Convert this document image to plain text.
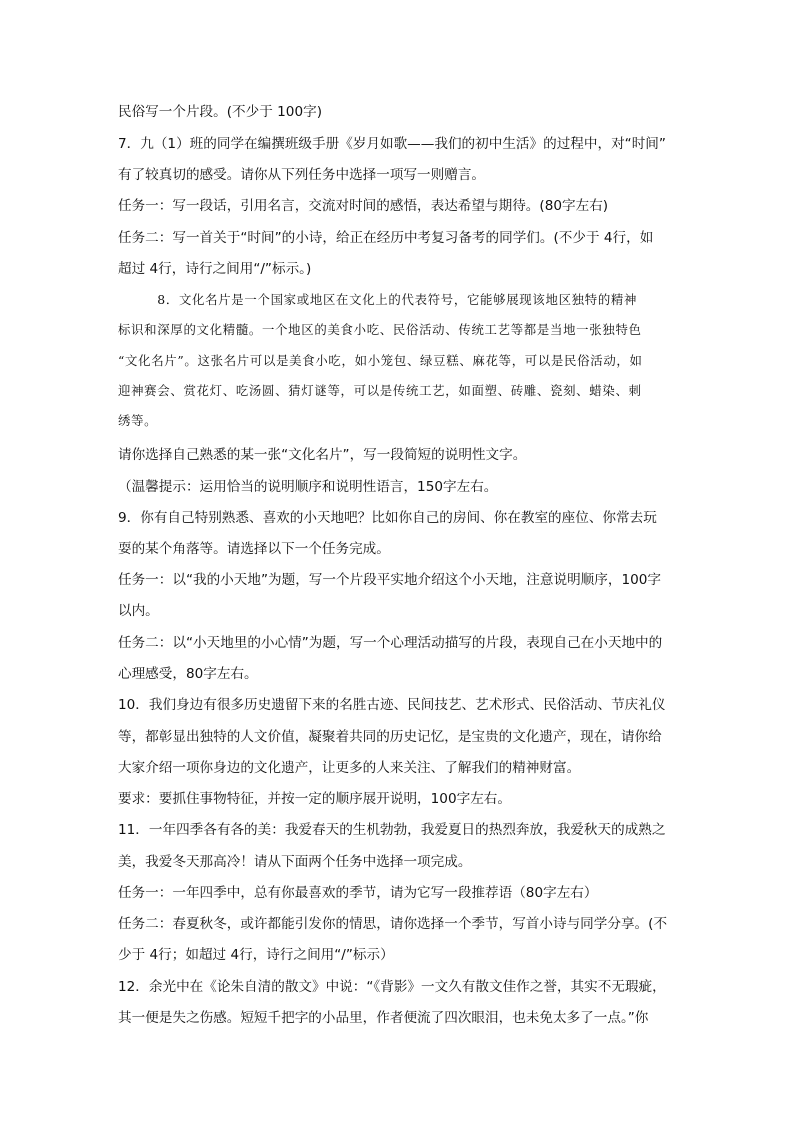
民俗写一个片段。(不少于 100字)
7．九（1）班的同学在编撰班级手册《岁月如歌——我们的初中生活》的过程中，对“时间”
有了较真切的感受。请你从下列任务中选择一项写一则赠言。
任务一：写一段话，引用名言，交流对时间的感悟，表达希望与期待。(80字左右)
任务二：写一首关于“时间”的小诗，给正在经历中考复习备考的同学们。(不少于 4行，如
超过 4行，诗行之间用“/”标示。)
　　　8．文化名片是一个国家或地区在文化上的代表符号，它能够展现该地区独特的精神
标识和深厚的文化精髓。一个地区的美食小吃、民俗活动、传统工艺等都是当地一张独特色
“文化名片”。这张名片可以是美食小吃，如小笼包、绿豆糕、麻花等，可以是民俗活动，如
迎神赛会、赏花灯、吃汤圆、猜灯谜等，可以是传统工艺，如面塑、砖雕、瓷刻、蜡染、刺
绣等。
请你选择自己熟悉的某一张“文化名片”，写一段简短的说明性文字。
（温馨提示：运用恰当的说明顺序和说明性语言，150字左右。
9．你有自己特别熟悉、喜欢的小天地吧？比如你自己的房间、你在教室的座位、你常去玩
耍的某个角落等。请选择以下一个任务完成。
任务一：以“我的小天地”为题，写一个片段平实地介绍这个小天地，注意说明顺序，100字
以内。
任务二：以“小天地里的小心情”为题，写一个心理活动描写的片段，表现自己在小天地中的
心理感受，80字左右。
10．我们身边有很多历史遗留下来的名胜古迹、民间技艺、艺术形式、民俗活动、节庆礼仪
等，都彰显出独特的人文价值，凝聚着共同的历史记忆，是宝贵的文化遗产，现在，请你给
大家介绍一项你身边的文化遗产，让更多的人来关注、了解我们的精神财富。
要求：要抓住事物特征，并按一定的顺序展开说明，100字左右。
11．一年四季各有各的美：我爱春天的生机勃勃，我爱夏日的热烈奔放，我爱秋天的成熟之
美，我爱冬天那高冷！请从下面两个任务中选择一项完成。
任务一：一年四季中，总有你最喜欢的季节，请为它写一段推荐语（80字左右）
任务二：春夏秋冬，或许都能引发你的情思，请你选择一个季节，写首小诗与同学分享。(不
少于 4行；如超过 4行，诗行之间用“/”标示）
12．余光中在《论朱自清的散文》中说：“《背影》一文久有散文佳作之誉，其实不无瑕疵，
其一便是失之伤感。短短千把字的小品里，作者便流了四次眼泪，也未免太多了一点。”你
